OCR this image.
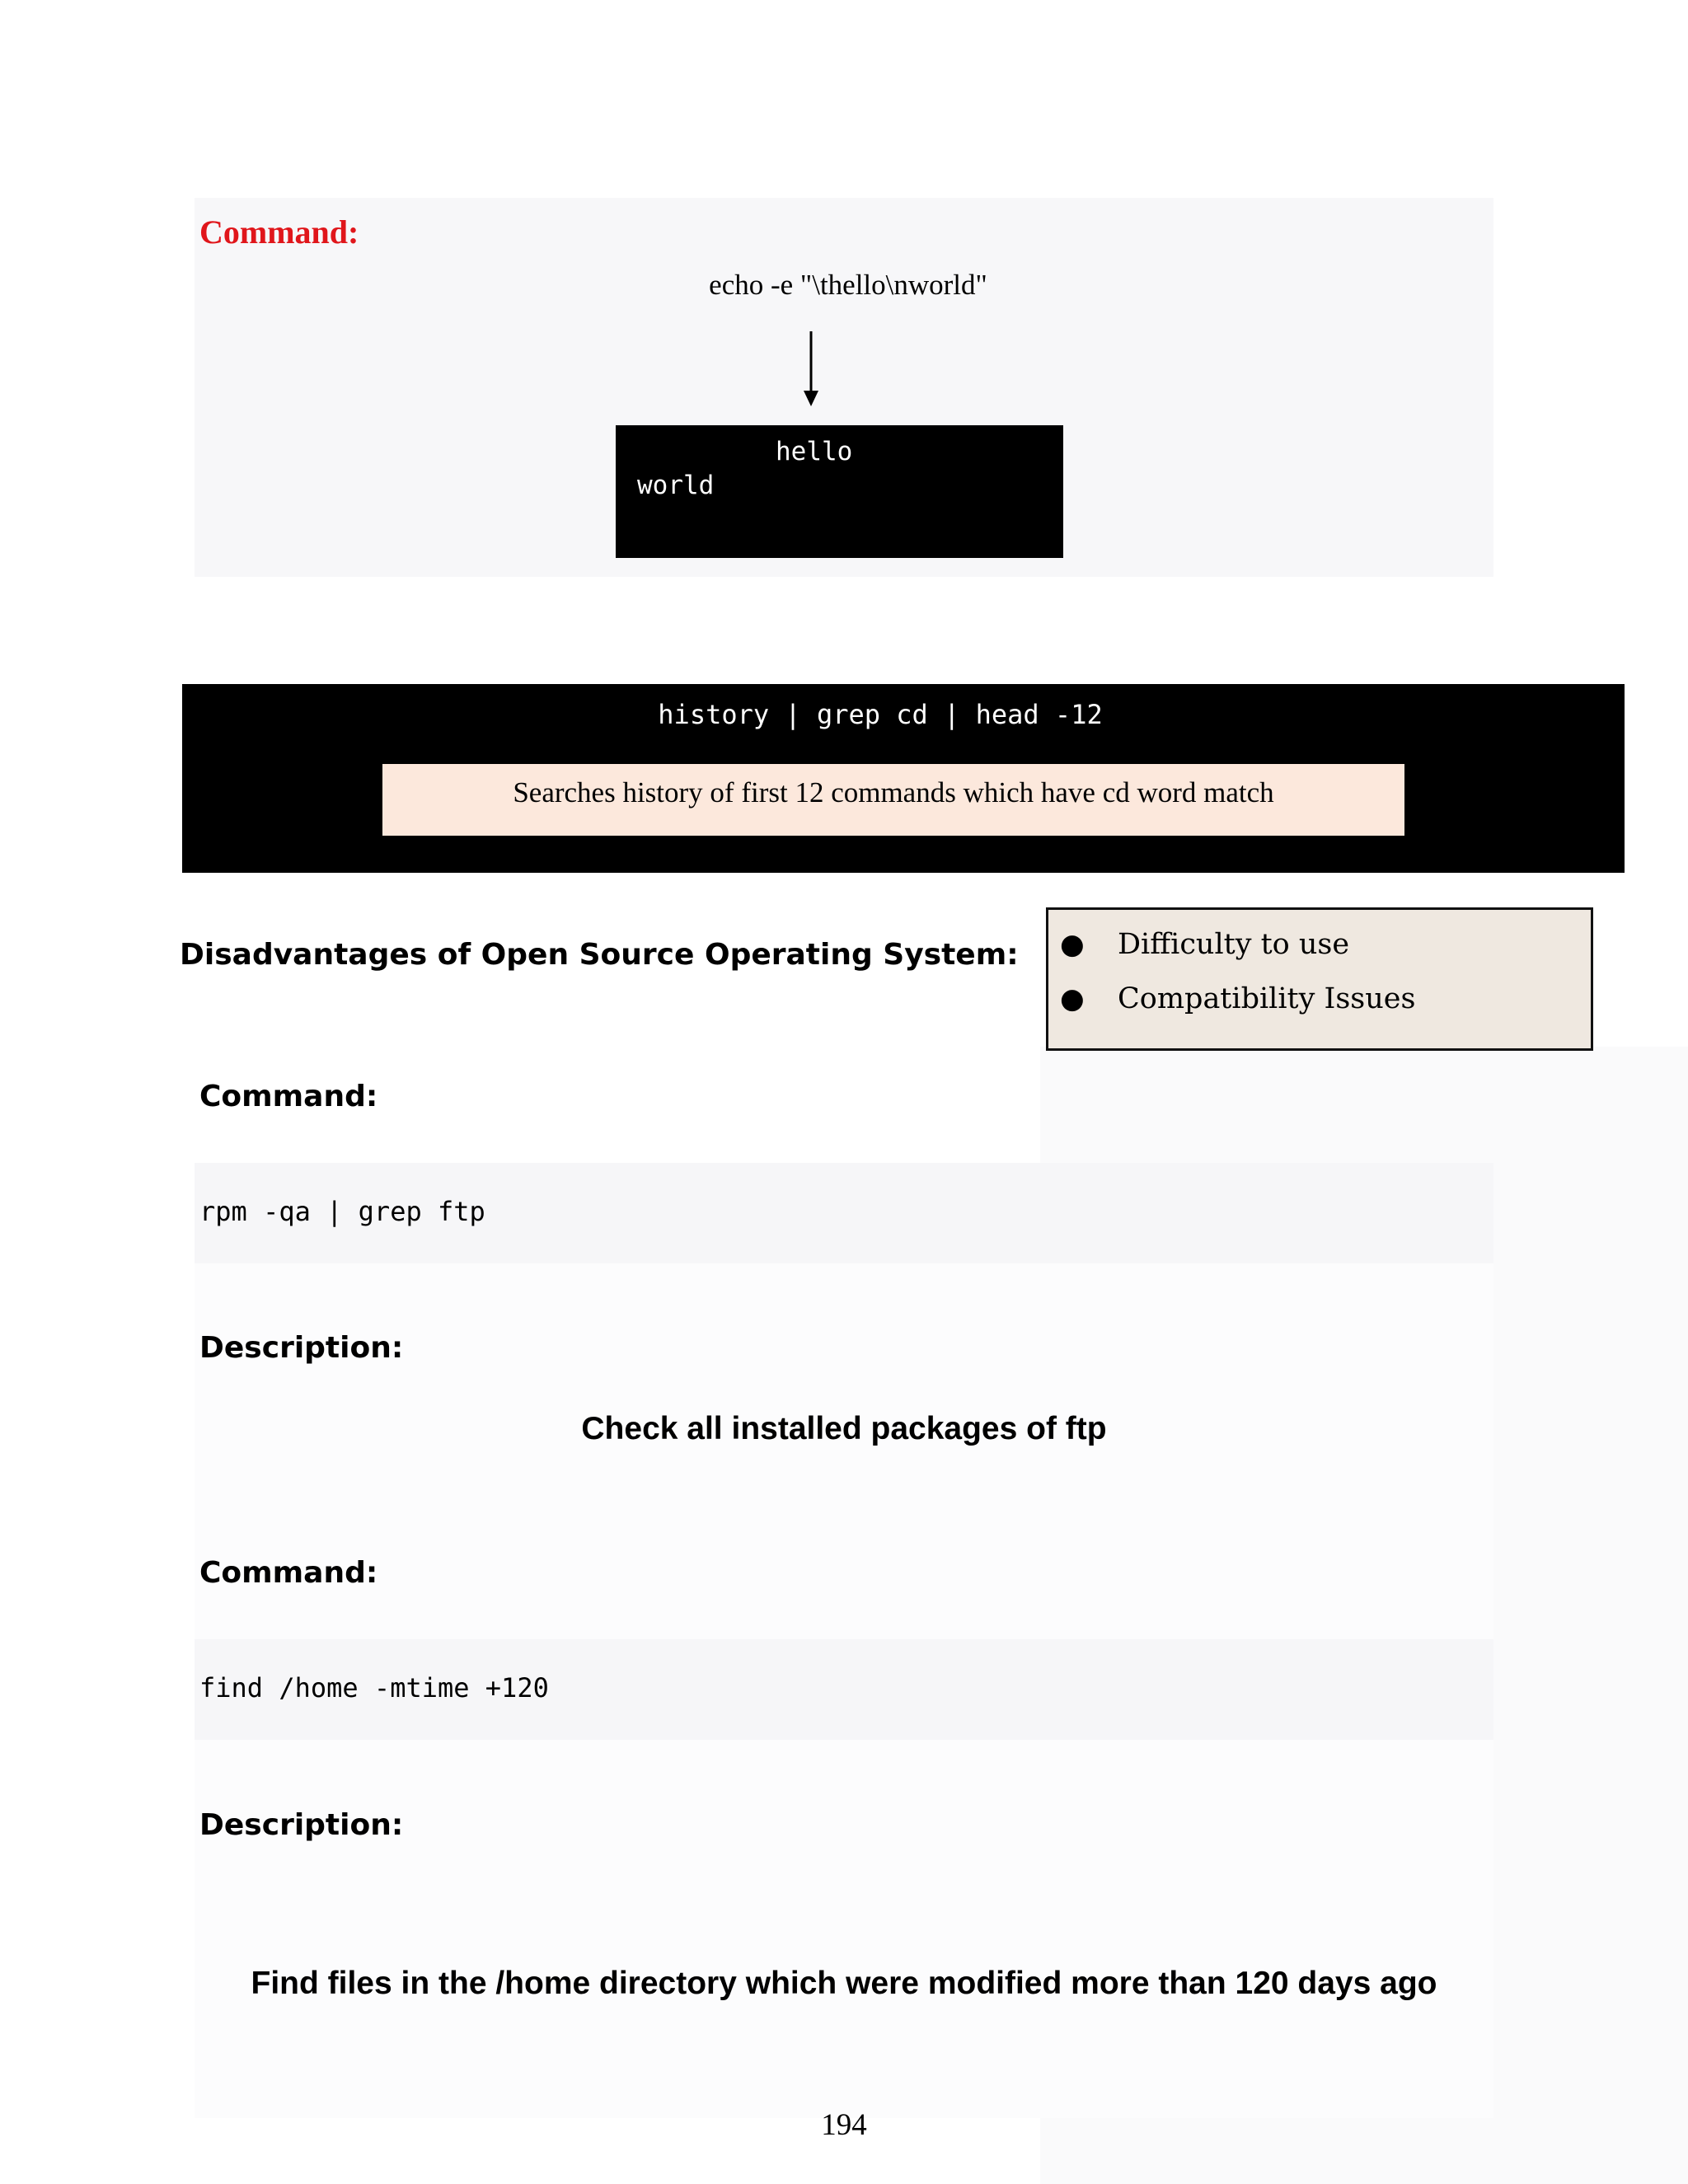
Command:
echo -e "\thello\nworld"
hello
world
history | grep cd | head -12
Searches history of first 12 commands which have cd word match
Disadvantages of Open Source Operating System: ● Difficulty to use
● Compatibility Issues
Command:
rpm -qa | grep ftp
Description:
Check all installed packages of ftp
Command:
find /home -mtime +120
Description:
Find files in the /home directory which were modified more than 120 days ago
194
